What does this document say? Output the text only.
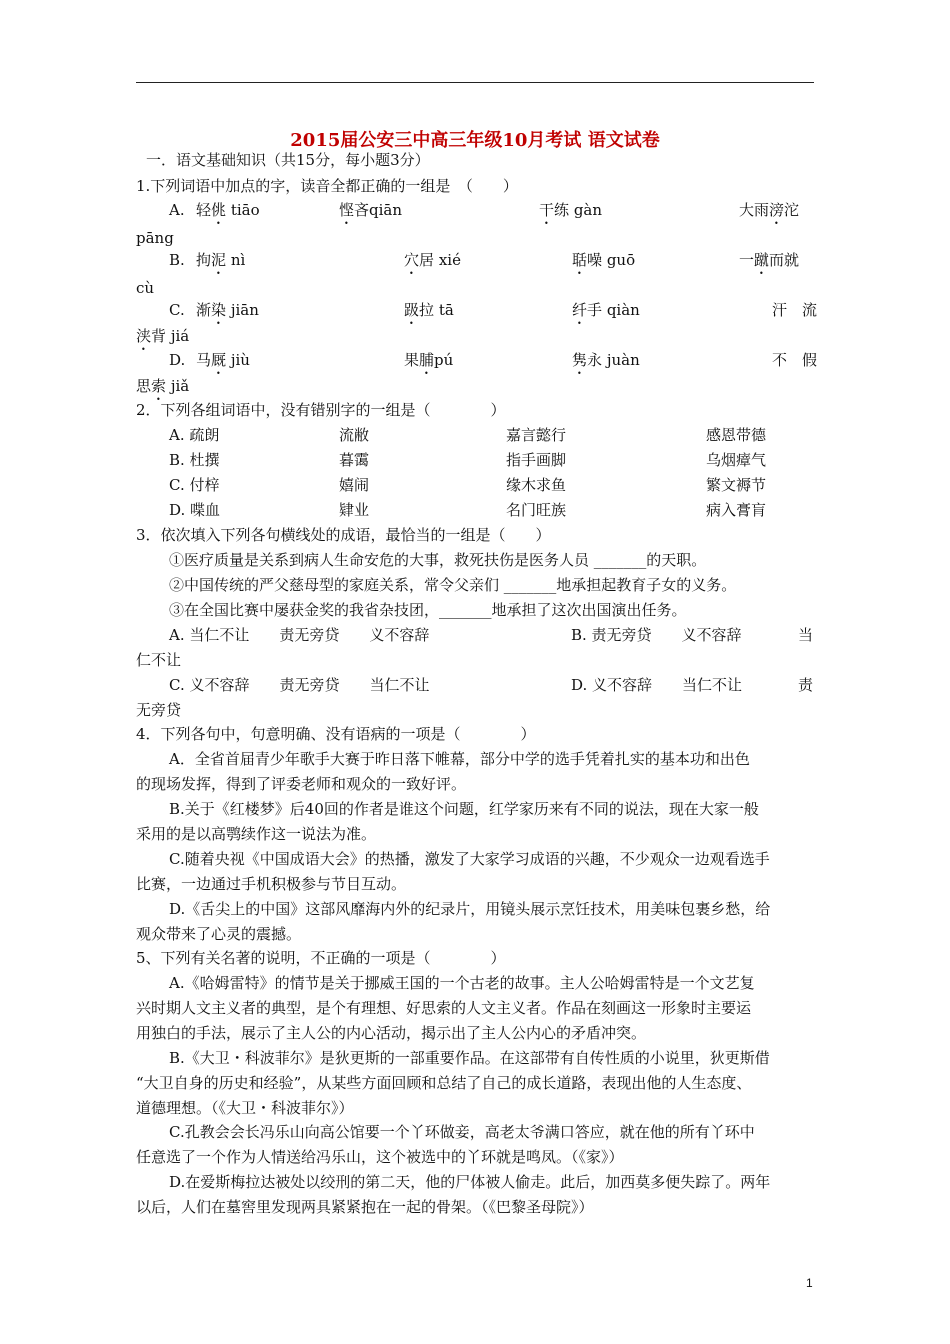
2015届公安三中高三年级10月考试 语文试卷
一．语文基础知识（共15分，每小题3分）
1.下列词语中加点的字，读音全都正确的一组是　（　　）
A. 轻佻 tiāo	悭吝qiān	干练 gàn	大雨滂沱
pāng
B. 拘泥 nì	穴居 xié	聒噪 guō	一蹴而就
cù
C. 渐染 jiān	趿拉 tā	纤手 qiàn	汗　流
浃背 jiá
D. 马厩 jiù	果脯pú	隽永 juàn	不　假
思索 jiǎ
2．下列各组词语中，没有错别字的一组是（　　　　）
A. 疏朗	流敝	嘉言懿行	感恩带德
B. 杜撰	暮霭	指手画脚	乌烟瘴气
C. 付梓	嬉闹	缘木求鱼	繁文褥节
D. 喋血	肄业	名门旺族	病入膏肓
3．依次填入下列各句横线处的成语，最恰当的一组是（　　）
①医疗质量是关系到病人生命安危的大事，救死扶伤是医务人员 _______的天职。
②中国传统的严父慈母型的家庭关系，常令父亲们 _______地承担起教育子女的义务。
③在全国比赛中屡获金奖的我省杂技团，_______地承担了这次出国演出任务。
A. 当仁不让　　责无旁贷　　义不容辞	B. 责无旁贷　　义不容辞	当
仁不让
C. 义不容辞　　责无旁贷　　当仁不让	D. 义不容辞　　当仁不让	责
无旁贷
4．下列各句中，句意明确、没有语病的一项是（　　　　）
A．全省首届青少年歌手大赛于昨日落下帷幕，部分中学的选手凭着扎实的基本功和出色
的现场发挥，得到了评委老师和观众的一致好评。
B.关于《红楼梦》后40回的作者是谁这个问题，红学家历来有不同的说法，现在大家一般
采用的是以高鹗续作这一说法为准。
C.随着央视《中国成语大会》的热播，激发了大家学习成语的兴趣，不少观众一边观看选手
比赛，一边通过手机积极参与节目互动。
D.《舌尖上的中国》这部风靡海内外的纪录片，用镜头展示烹饪技术，用美味包裹乡愁，给
观众带来了心灵的震撼。
5、下列有关名著的说明，不正确的一项是（　　　　）
A.《哈姆雷特》的情节是关于挪威王国的一个古老的故事。主人公哈姆雷特是一个文艺复
兴时期人文主义者的典型，是个有理想、好思索的人文主义者。作品在刻画这一形象时主要运
用独白的手法，展示了主人公的内心活动，揭示出了主人公内心的矛盾冲突。
B.《大卫・科波菲尔》是狄更斯的一部重要作品。在这部带有自传性质的小说里，狄更斯借
“大卫自身的历史和经验”，从某些方面回顾和总结了自己的成长道路，表现出他的人生态度、
道德理想。（《大卫・科波菲尔》）
C.孔教会会长冯乐山向高公馆要一个丫环做妾，高老太爷满口答应，就在他的所有丫环中
任意选了一个作为人情送给冯乐山，这个被选中的丫环就是鸣凤。（《家》）
D.在爱斯梅拉达被处以绞刑的第二天，他的尸体被人偷走。此后，加西莫多便失踪了。两年
以后，人们在墓窖里发现两具紧紧抱在一起的骨架。（《巴黎圣母院》）
1
